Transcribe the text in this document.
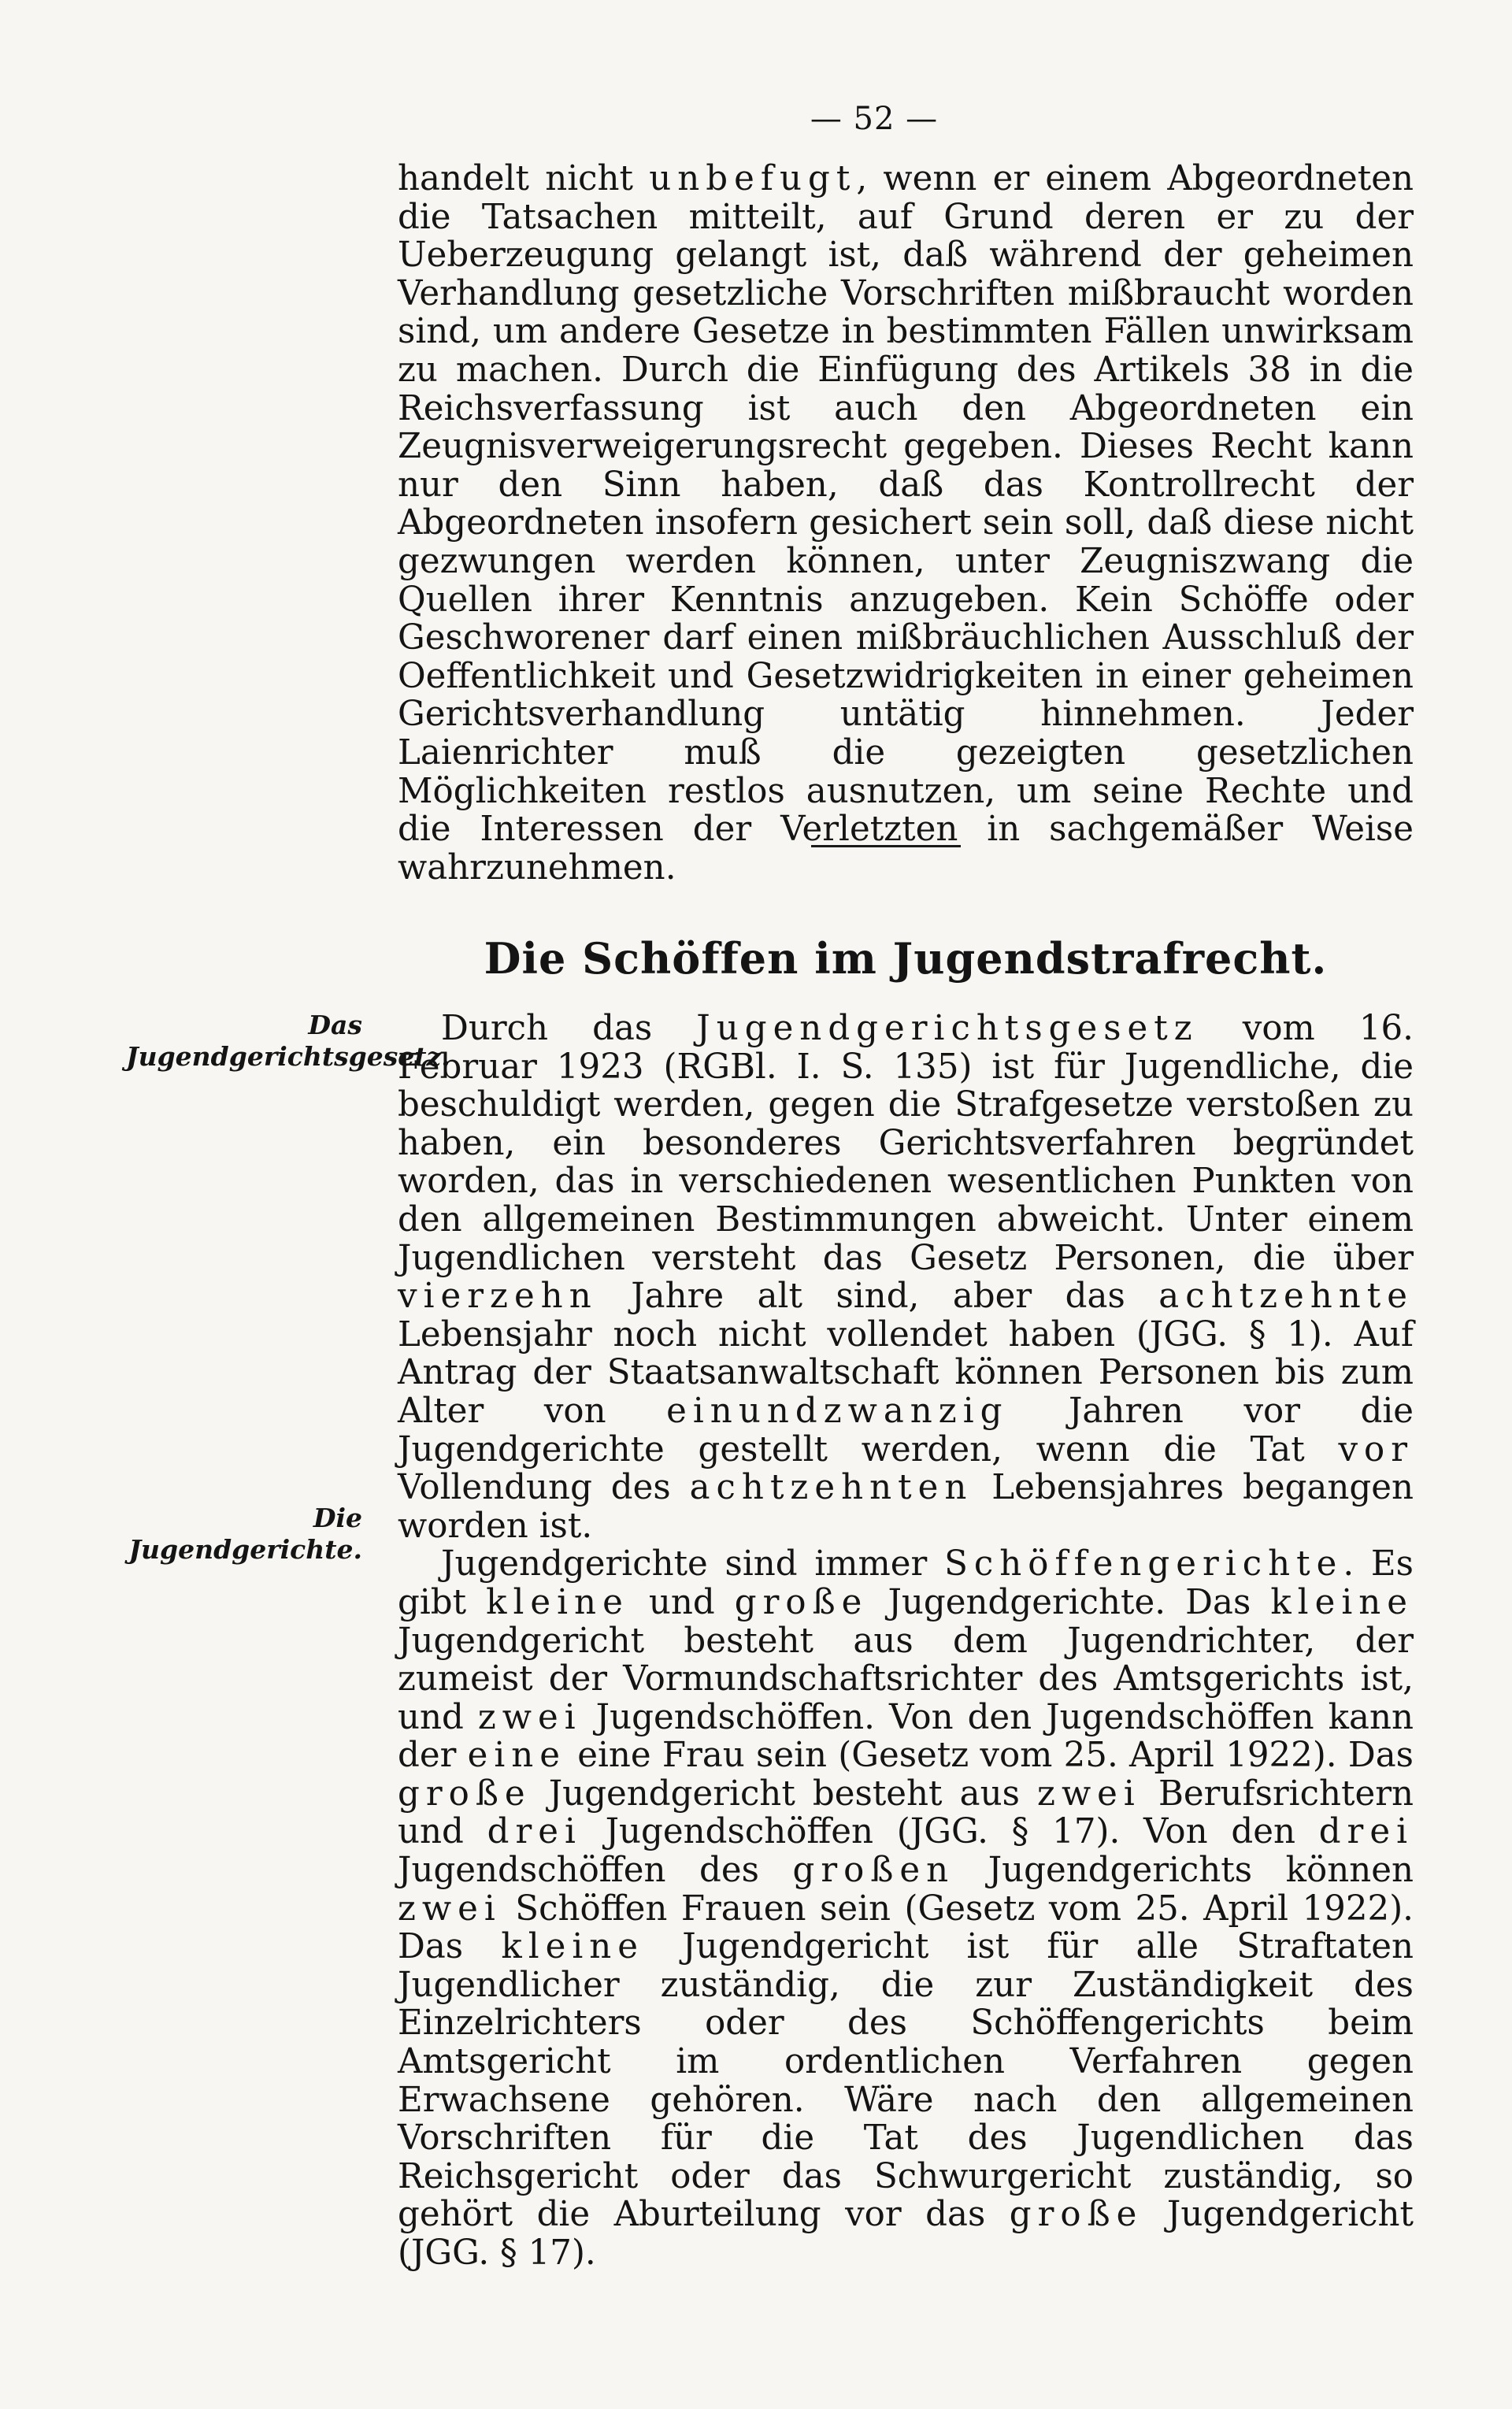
— 52 —

handelt nicht unbefugt, wenn er einem Abgeordneten die Tatsachen mitteilt, auf Grund deren er zu der Ueberzeugung gelangt ist, daß während der geheimen Verhandlung gesetzliche Vorschriften mißbraucht worden sind, um andere Gesetze in bestimmten Fällen unwirksam zu machen. Durch die Einfügung des Artikels 38 in die Reichsverfassung ist auch den Abgeordneten ein Zeugnisverweigerungsrecht gegeben. Dieses Recht kann nur den Sinn haben, daß das Kontrollrecht der Abgeordneten insofern gesichert sein soll, daß diese nicht gezwungen werden können, unter Zeugniszwang die Quellen ihrer Kenntnis anzugeben. Kein Schöffe oder Geschworener darf einen mißbräuchlichen Ausschluß der Oeffentlichkeit und Gesetzwidrigkeiten in einer geheimen Gerichtsverhandlung untätig hinnehmen. Jeder Laienrichter muß die gezeigten gesetzlichen Möglichkeiten restlos ausnutzen, um seine Rechte und die Interessen der Verletzten in sachgemäßer Weise wahrzunehmen.

Die Schöffen im Jugendstrafrecht.
Das Jugendgerichtsgesetz.
Die Jugendgerichte.

Durch das Jugendgerichtsgesetz vom 16. Februar 1923 (RGBl. I. S. 135) ist für Jugendliche, die beschuldigt werden, gegen die Strafgesetze verstoßen zu haben, ein besonderes Gerichtsverfahren begründet worden, das in verschiedenen wesentlichen Punkten von den allgemeinen Bestimmungen abweicht. Unter einem Jugendlichen versteht das Gesetz Personen, die über vierzehn Jahre alt sind, aber das achtzehnte Lebensjahr noch nicht vollendet haben (JGG. § 1). Auf Antrag der Staatsanwaltschaft können Personen bis zum Alter von einundzwanzig Jahren vor die Jugendgerichte gestellt werden, wenn die Tat vor Vollendung des achtzehnten Lebensjahres begangen worden ist.

Jugendgerichte sind immer Schöffengerichte. Es gibt kleine und große Jugendgerichte. Das kleine Jugendgericht besteht aus dem Jugendrichter, der zumeist der Vormundschaftsrichter des Amtsgerichts ist, und zwei Jugendschöffen. Von den Jugendschöffen kann der eine eine Frau sein (Gesetz vom 25. April 1922). Das große Jugendgericht besteht aus zwei Berufsrichtern und drei Jugendschöffen (JGG. § 17). Von den drei Jugendschöffen des großen Jugendgerichts können zwei Schöffen Frauen sein (Gesetz vom 25. April 1922). Das kleine Jugendgericht ist für alle Straftaten Jugendlicher zuständig, die zur Zuständigkeit des Einzelrichters oder des Schöffengerichts beim Amtsgericht im ordentlichen Verfahren gegen Erwachsene gehören. Wäre nach den allgemeinen Vorschriften für die Tat des Jugendlichen das Reichsgericht oder das Schwurgericht zuständig, so gehört die Aburteilung vor das große Jugendgericht (JGG. § 17).
